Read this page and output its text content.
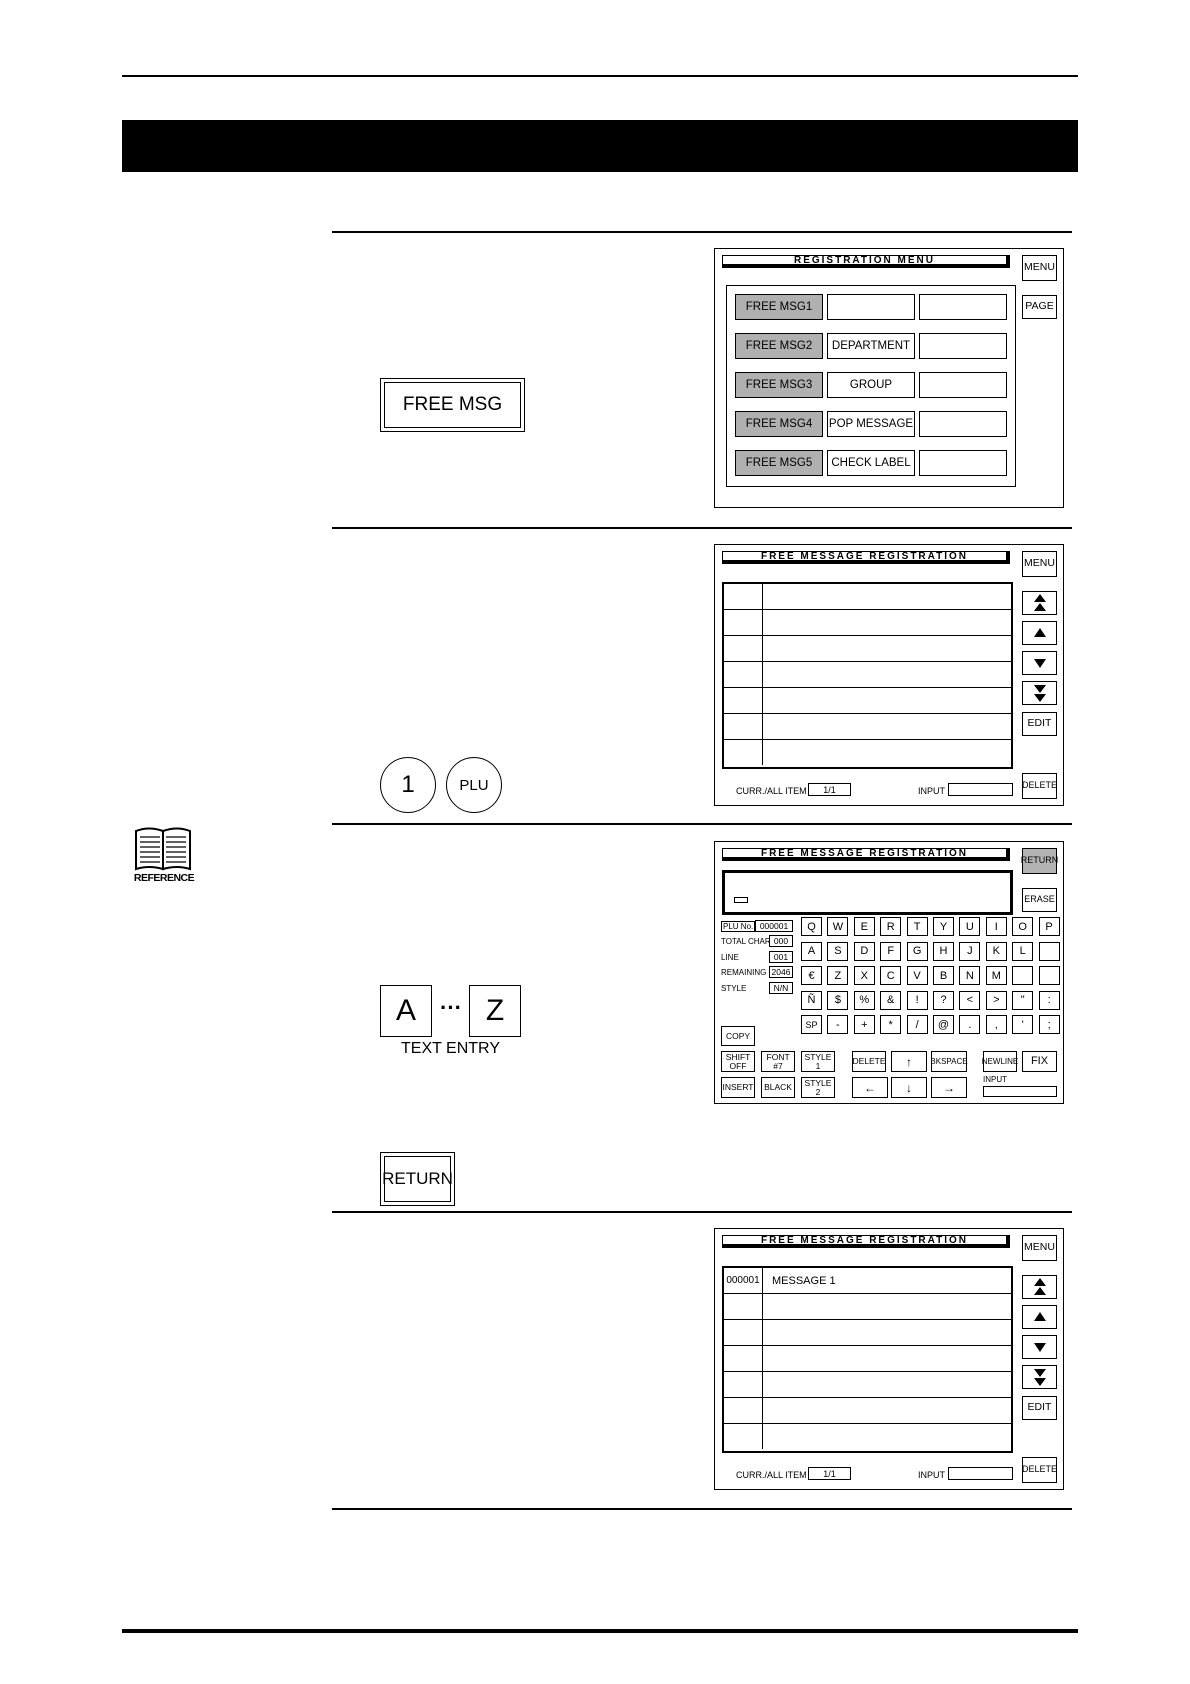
REFERENCE
FREE MSG
REGISTRATION MENU
MENU
PAGE
FREE MSG1
FREE MSG2	DEPARTMENT
FREE MSG3	GROUP
FREE MSG4	POP MESSAGE
FREE MSG5	CHECK LABEL
1	PLU
FREE MESSAGE REGISTRATION
MENU
EDIT
DELETE
CURR./ALL ITEM	1/1	INPUT
A	··· Z
TEXT ENTRY
RETURN
FREE MESSAGE REGISTRATION
RETURN
ERASE
PLU No. 000001
TOTAL CHAR 000
LINE	001
REMAINING 2046
STYLE	N/N
Q	W	E	R	T	Y	U	I	O	P
A	S	D	F	G	H	J	K	L
€	Z	X	C	V	B	N	M
Ñ	$	%	&	!	?	<	>	"	:
SP	-	+	*	/	@	.	,	'	;
COPY
SHIFT OFF
FONT #7
STYLE 1	DELETE	↑	BKSPACE NEWLINE	FIX
INSERT	BLACK	STYLE 2	←	↓	→
INPUT
FREE MESSAGE REGISTRATION
MENU
000001	MESSAGE 1
EDIT
DELETE
CURR./ALL ITEM	1/1	INPUT
